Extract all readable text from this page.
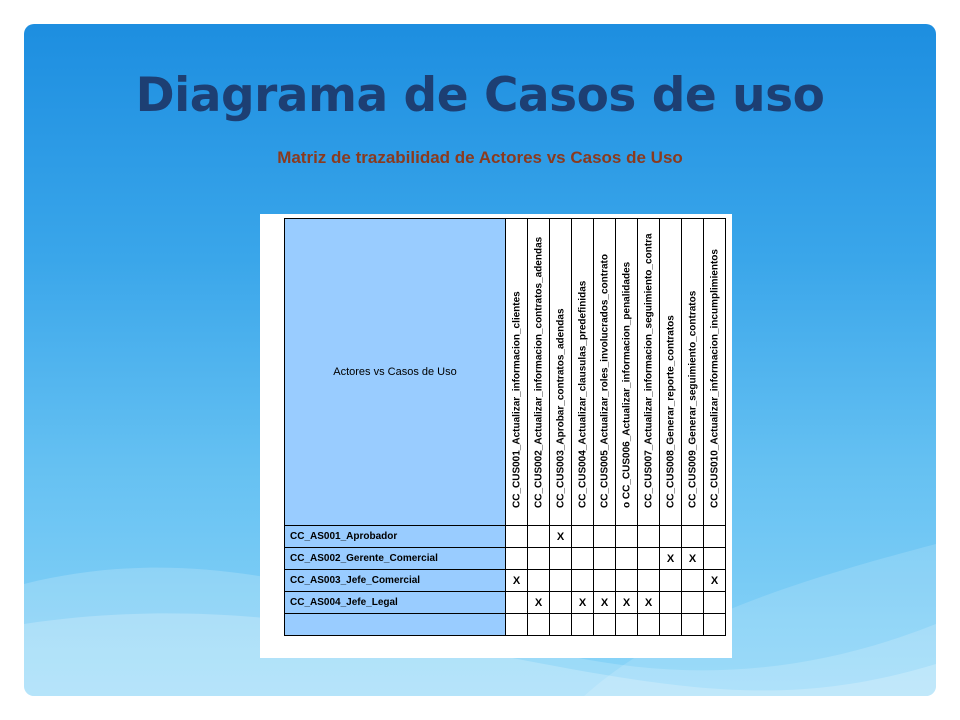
Diagrama de Casos de uso
Matriz de trazabilidad de Actores vs Casos de Uso
Actores vs Casos de Uso	CC_CUS001_Actualizar_informacion_clientes	CC_CUS002_Actualizar_informacion_contratos_adendas	CC_CUS003_Aprobar_contratos_adendas	CC_CUS004_Actualizar_clausulas_predefinidas	CC_CUS005_Actualizar_roles_involucrados_contrato	o CC_CUS006_Actualizar_informacion_penalidades	CC_CUS007_Actualizar_informacion_seguimiento_contra	CC_CUS008_Generar_reporte_contratos	CC_CUS009_Generar_seguimiento_contratos	CC_CUS010_Actualizar_informacion_incumplimientos

CC_AS001_Aprobador			X							
CC_AS002_Gerente_Comercial								X	X	
CC_AS003_Jefe_Comercial	X									X
CC_AS004_Jefe_Legal		X		X	X	X	X			
